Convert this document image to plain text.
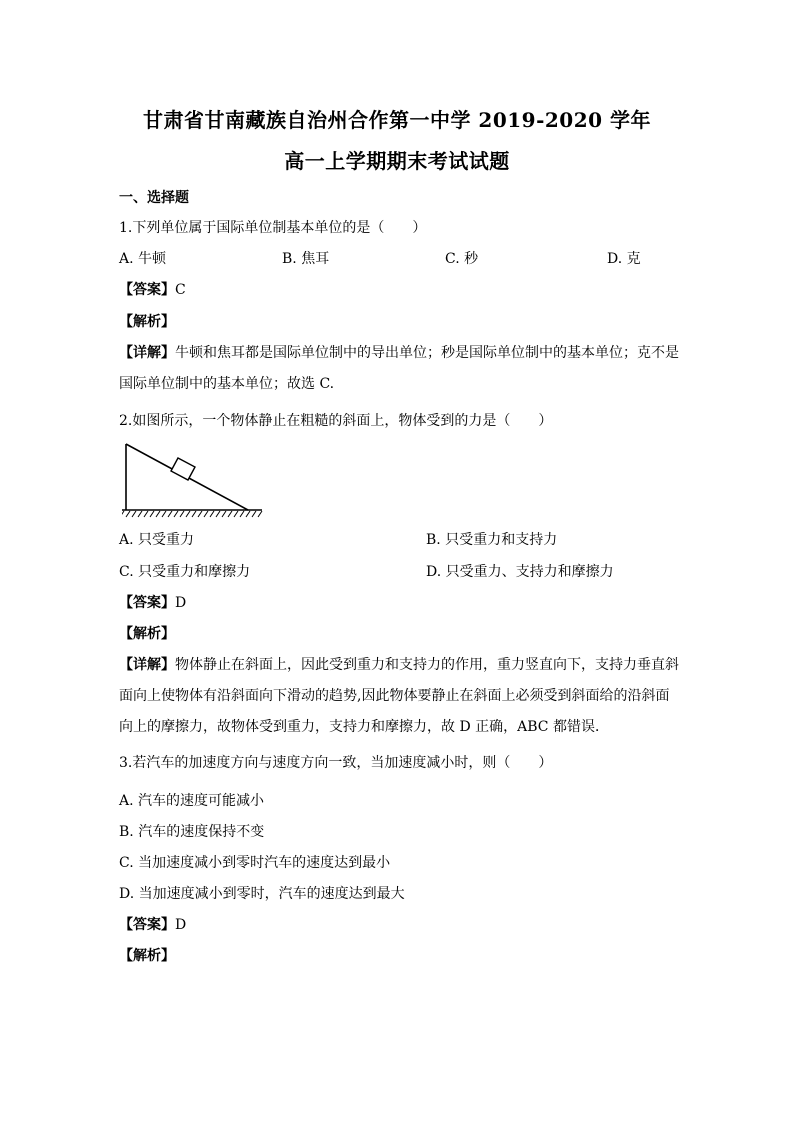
甘肃省甘南藏族自治州合作第一中学 2019-2020 学年
高一上学期期末考试试题
一、选择题
1.下列单位属于国际单位制基本单位的是（　　）
A. 牛顿	B. 焦耳	C. 秒	D. 克
【答案】C
【解析】
【详解】牛顿和焦耳都是国际单位制中的导出单位；秒是国际单位制中的基本单位；克不是
国际单位制中的基本单位；故选 C.
2.如图所示，一个物体静止在粗糙的斜面上，物体受到的力是（　　）
A. 只受重力	B. 只受重力和支持力
C. 只受重力和摩擦力	D. 只受重力、支持力和摩擦力
【答案】D
【解析】
【详解】物体静止在斜面上，因此受到重力和支持力的作用，重力竖直向下，支持力垂直斜
面向上使物体有沿斜面向下滑动的趋势,因此物体要静止在斜面上必须受到斜面给的沿斜面
向上的摩擦力，故物体受到重力，支持力和摩擦力，故 D 正确，ABC 都错误．
3.若汽车的加速度方向与速度方向一致，当加速度减小时，则（　　）
A. 汽车的速度可能减小
B. 汽车的速度保持不变
C. 当加速度减小到零时汽车的速度达到最小
D. 当加速度减小到零时，汽车的速度达到最大
【答案】D
【解析】
